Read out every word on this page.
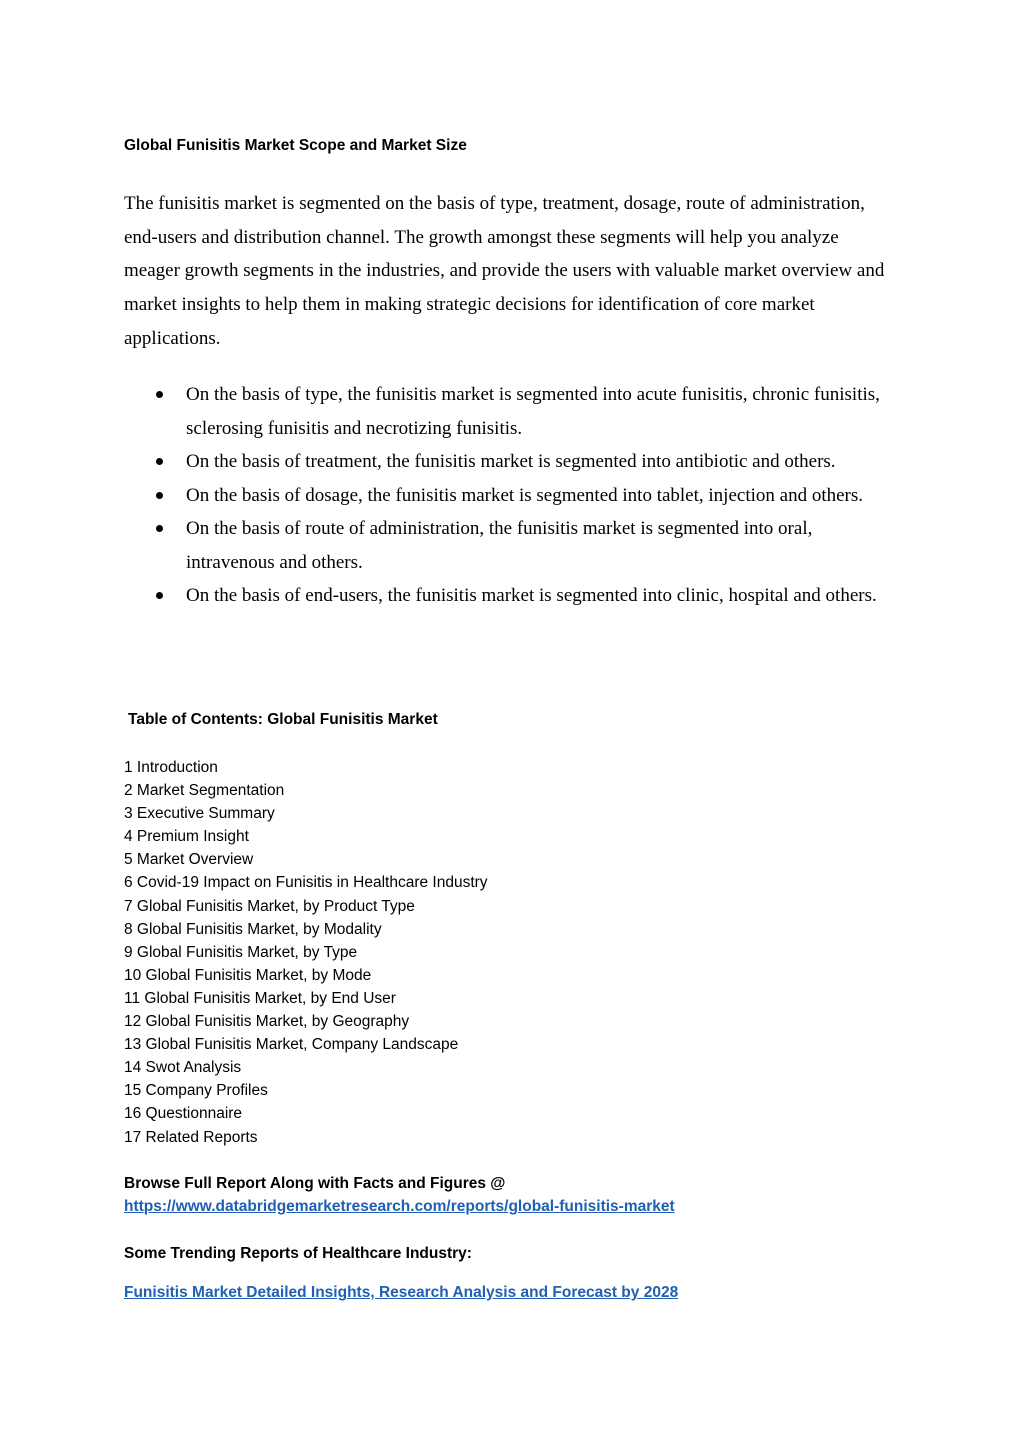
Global Funisitis Market Scope and Market Size

The funisitis market is segmented on the basis of type, treatment, dosage, route of administration, end-users and distribution channel. The growth amongst these segments will help you analyze meager growth segments in the industries, and provide the users with valuable market overview and market insights to help them in making strategic decisions for identification of core market applications.

On the basis of type, the funisitis market is segmented into acute funisitis, chronic funisitis, sclerosing funisitis and necrotizing funisitis.
On the basis of treatment, the funisitis market is segmented into antibiotic and others.
On the basis of dosage, the funisitis market is segmented into tablet, injection and others.
On the basis of route of administration, the funisitis market is segmented into oral, intravenous and others.
On the basis of end-users, the funisitis market is segmented into clinic, hospital and others.
Table of Contents: Global Funisitis Market
1 Introduction
2 Market Segmentation
3 Executive Summary
4 Premium Insight
5 Market Overview
6 Covid-19 Impact on Funisitis in Healthcare Industry
7 Global Funisitis Market, by Product Type
8 Global Funisitis Market, by Modality
9 Global Funisitis Market, by Type
10 Global Funisitis Market, by Mode
11 Global Funisitis Market, by End User
12 Global Funisitis Market, by Geography
13 Global Funisitis Market, Company Landscape
14 Swot Analysis
15 Company Profiles
16 Questionnaire
17 Related Reports
Browse Full Report Along with Facts and Figures @
https://www.databridgemarketresearch.com/reports/global-funisitis-market
Some Trending Reports of Healthcare Industry:
Funisitis Market Detailed Insights, Research Analysis and Forecast by 2028
